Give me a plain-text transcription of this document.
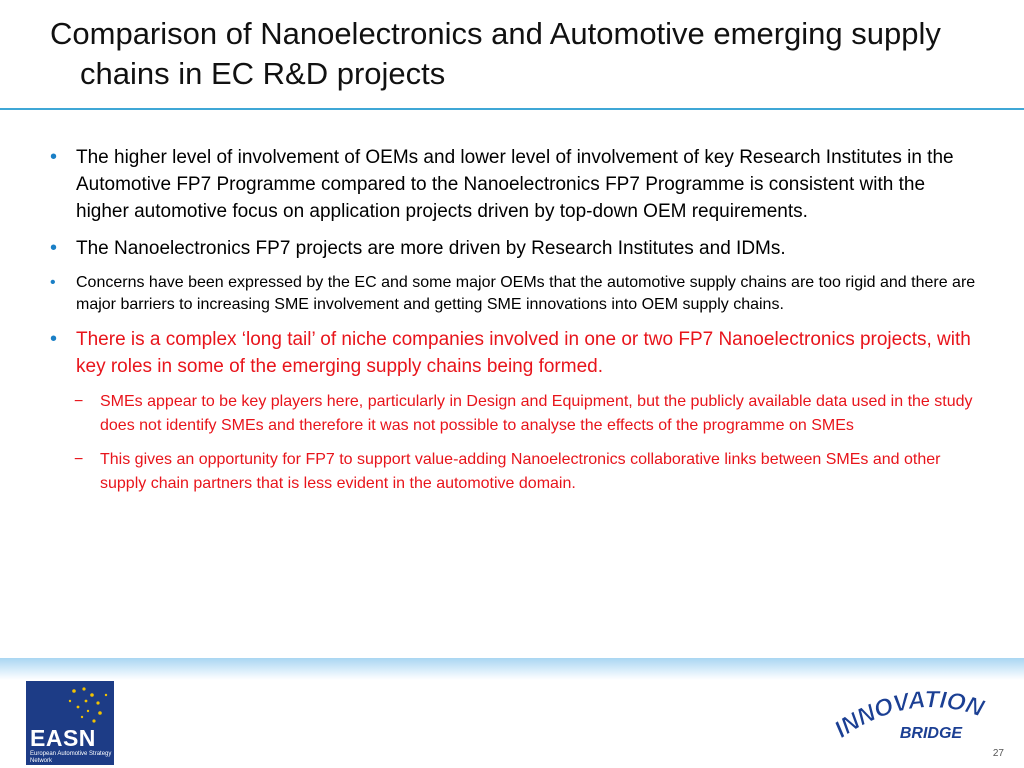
Comparison of Nanoelectronics and Automotive emerging supply chains in EC R&D projects
• The higher level of involvement of OEMs and lower level of involvement of key Research Institutes in the Automotive FP7 Programme compared to the Nanoelectronics FP7 Programme is consistent with the higher automotive focus on application projects driven by top-down OEM requirements.
• The Nanoelectronics FP7 projects are more driven by Research Institutes and IDMs.
• Concerns have been expressed by the EC and some major OEMs that the automotive supply chains are too rigid and there are major barriers to increasing SME involvement and getting SME innovations into OEM supply chains.
• There is a complex ‘long tail’ of niche companies involved in one or two FP7 Nanoelectronics projects, with key roles in some of the emerging supply chains being formed.
− SMEs appear to be key players here, particularly in Design and Equipment, but the publicly available data used in the study does not identify SMEs and therefore it was not possible to analyse the effects of the programme on SMEs
− This gives an opportunity for FP7 to support value-adding Nanoelectronics collaborative links between SMEs and other supply chain partners that is less evident in the automotive domain.
EASN
European Automotive Strategy Network
INNOVATION
BRIDGE
27
